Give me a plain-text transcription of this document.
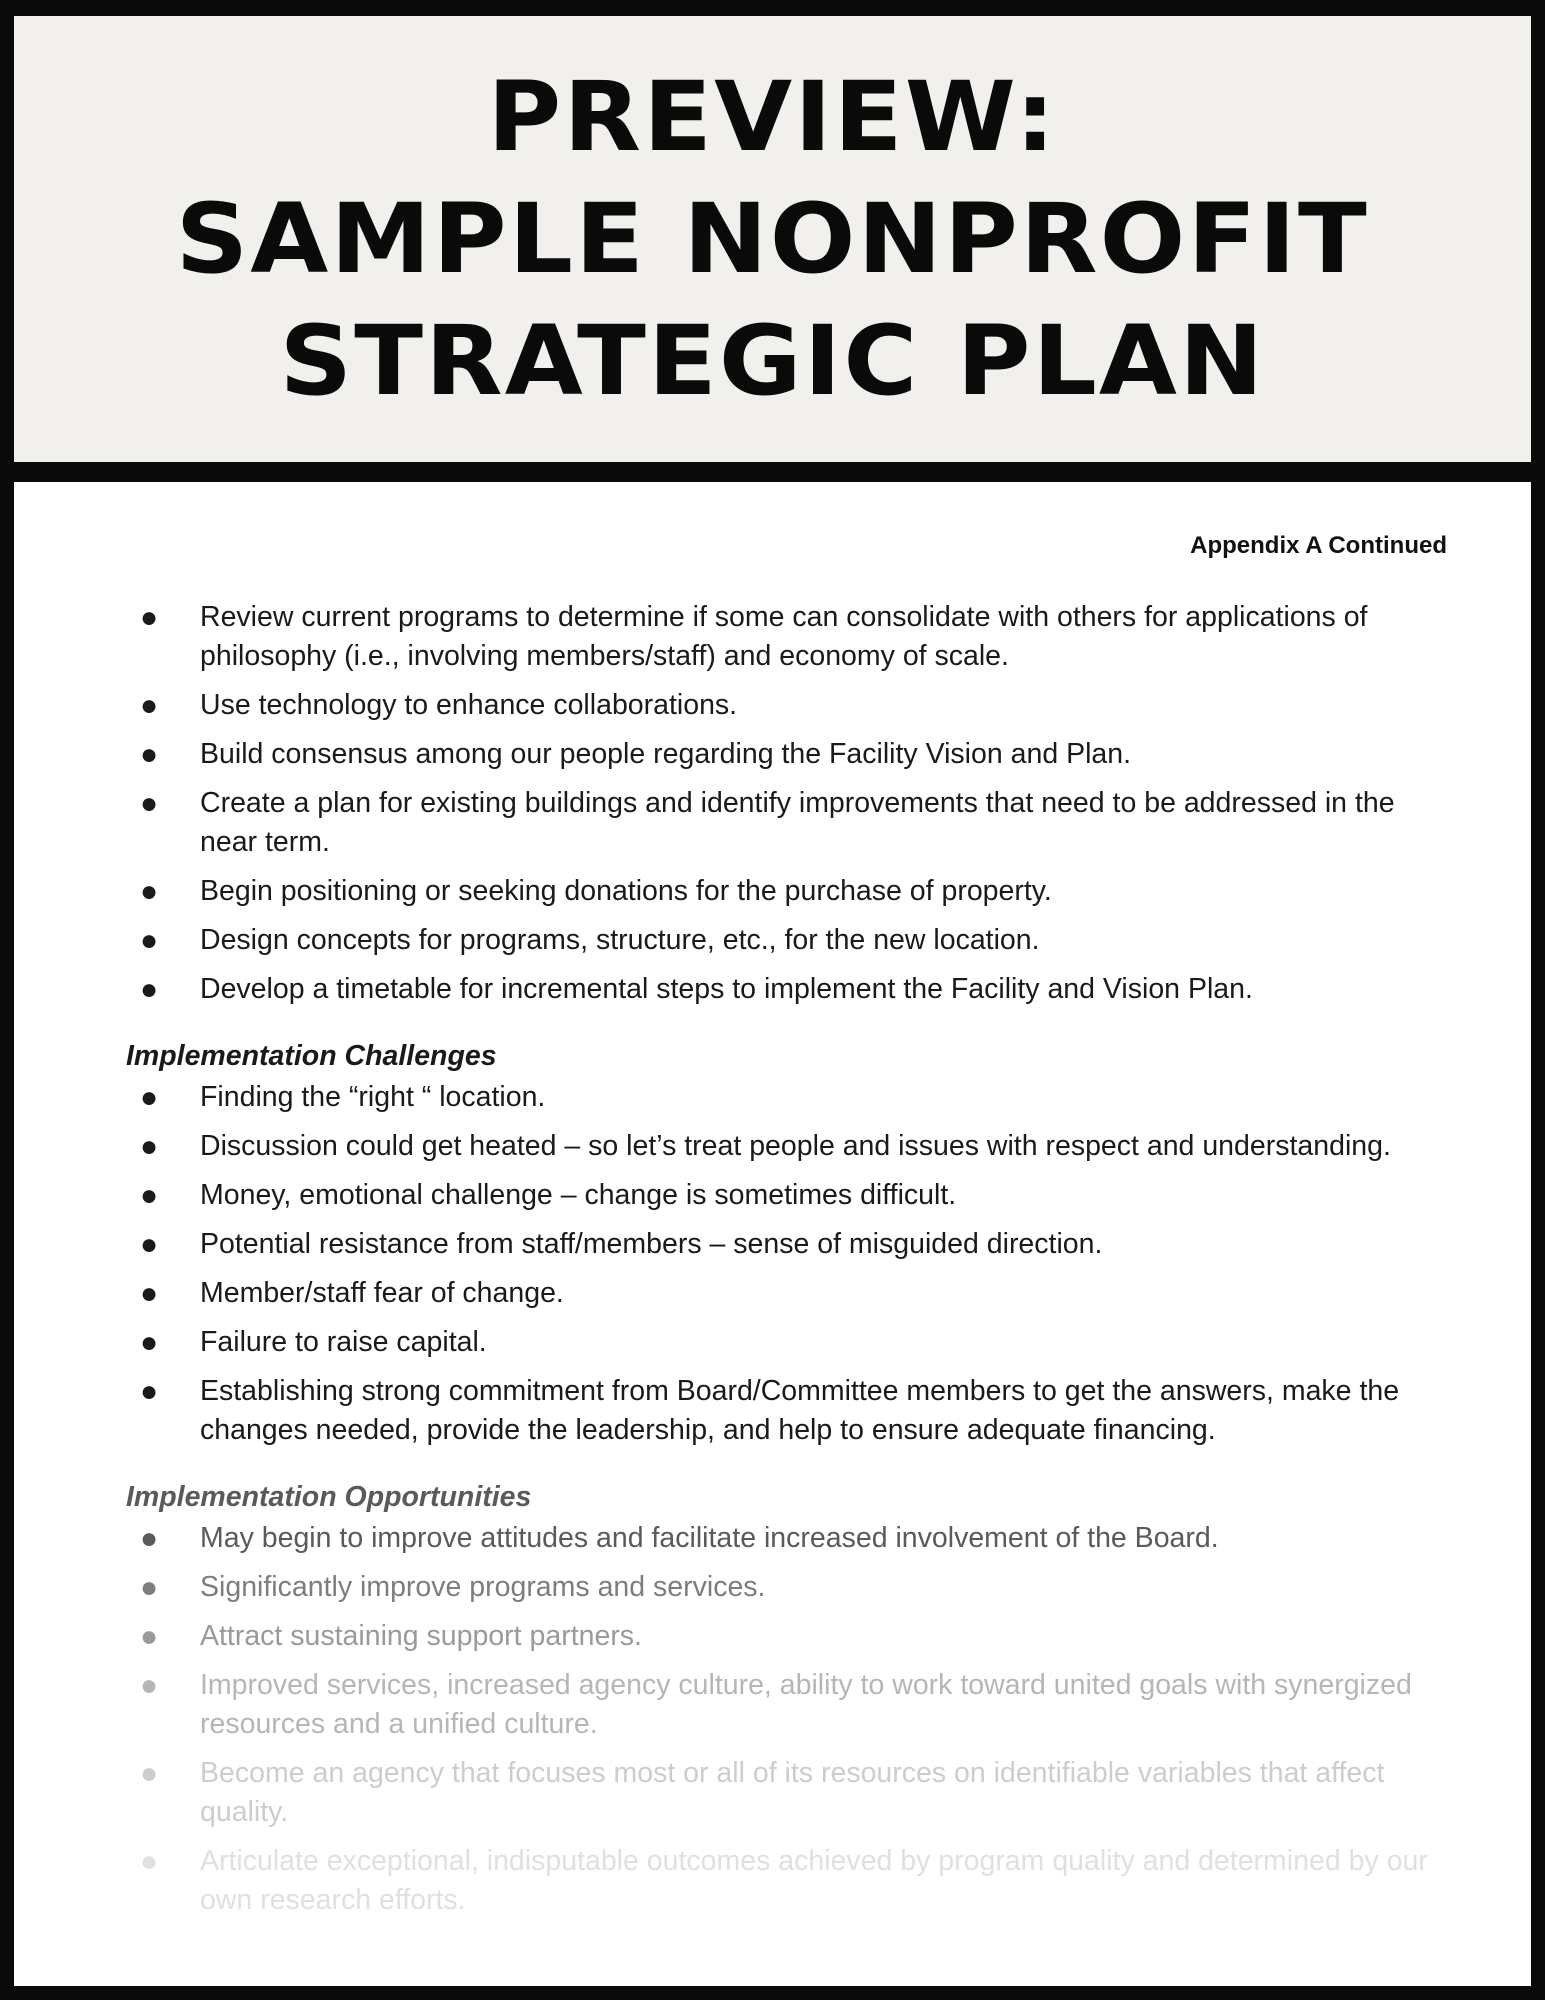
PREVIEW:
SAMPLE NONPROFIT
STRATEGIC PLAN
Appendix A Continued
● Review current programs to determine if some can consolidate with others for applications of philosophy (i.e., involving members/staff) and economy of scale.
● Use technology to enhance collaborations.
● Build consensus among our people regarding the Facility Vision and Plan.
● Create a plan for existing buildings and identify improvements that need to be addressed in the near term.
● Begin positioning or seeking donations for the purchase of property.
● Design concepts for programs, structure, etc., for the new location.
● Develop a timetable for incremental steps to implement the Facility and Vision Plan.
Implementation Challenges
● Finding the “right “ location.
● Discussion could get heated – so let’s treat people and issues with respect and understanding.
● Money, emotional challenge – change is sometimes difficult.
● Potential resistance from staff/members – sense of misguided direction.
● Member/staff fear of change.
● Failure to raise capital.
● Establishing strong commitment from Board/Committee members to get the answers, make the changes needed, provide the leadership, and help to ensure adequate financing.
Implementation Opportunities
● May begin to improve attitudes and facilitate increased involvement of the Board.
● Significantly improve programs and services.
● Attract sustaining support partners.
● Improved services, increased agency culture, ability to work toward united goals with synergized resources and a unified culture.
● Become an agency that focuses most or all of its resources on identifiable variables that affect quality.
● Articulate exceptional, indisputable outcomes achieved by program quality and determined by our own research efforts.
